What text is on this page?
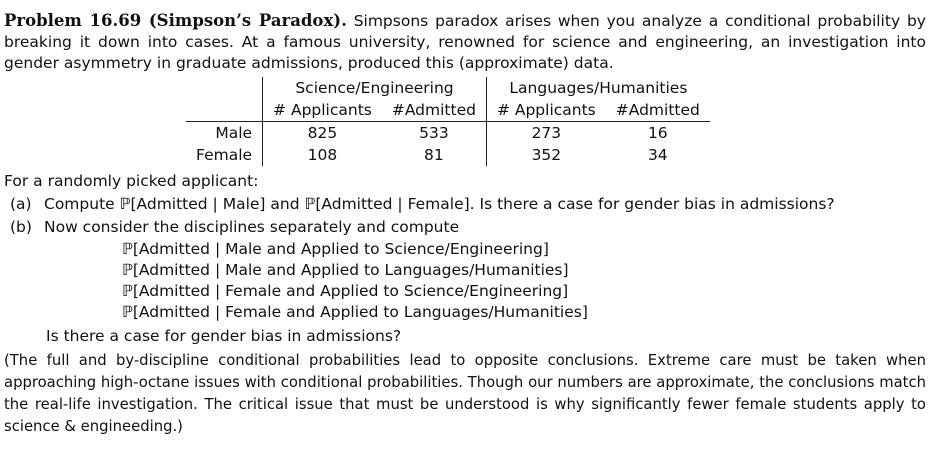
Problem 16.69 (Simpson’s Paradox). Simpsons paradox arises when you analyze a conditional probability by breaking it down into cases. At a famous university, renowned for science and engineering, an investigation into gender asymmetry in graduate admissions, produced this (approximate) data.

	Science/Engineering		Languages/Humanities	
	# Applicants	#Admitted	# Applicants	#Admitted
Male	825	533	273	16
Female	108	81	352	34
For a randomly picked applicant:
(a) Compute ℙ[Admitted | Male] and ℙ[Admitted | Female]. Is there a case for gender bias in admissions?
(b) Now consider the disciplines separately and compute
ℙ[Admitted | Male and Applied to Science/Engineering]
ℙ[Admitted | Male and Applied to Languages/Humanities]
ℙ[Admitted | Female and Applied to Science/Engineering]
ℙ[Admitted | Female and Applied to Languages/Humanities]
Is there a case for gender bias in admissions?

(The full and by-discipline conditional probabilities lead to opposite conclusions. Extreme care must be taken when approaching high-octane issues with conditional probabilities. Though our numbers are approximate, the conclusions match the real-life investigation. The critical issue that must be understood is why significantly fewer female students apply to science & engineeding.)
